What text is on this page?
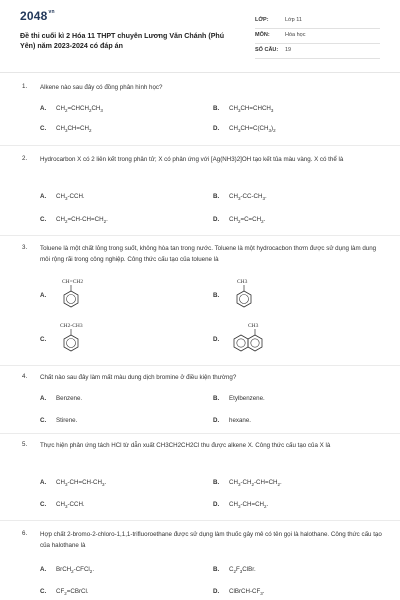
$2048^{vn}$
Đề thi cuối kì 2 Hóa 11 THPT chuyên Lương Văn Chánh (Phú Yên) năm 2023-2024 có đáp án
LỚP:	Lớp 11
MÔN:	Hóa học
SỐ CÂU: 19
1. Alkene nào sau đây có đồng phân hình học?
A. $CH_2=CHCH_2CH_3$	B. $CH_3CH=CHCH_3$
C. $CH_3CH=CH_2$	D. $CH_3CH=C(CH_3)_2$
2. Hydrocarbon X có 2 liên kết trong phân tử; X có phản ứng với [Ag(NH3)2]OH tạo kết tủa màu vàng. X có thể là
A. $CH_3$-CCH.	B. $CH_3-CC-CH_3$.
C. $CH_2=CH-CH=CH_2$.	D. $CH_2=C=CH_2$.
3. Toluene là một chất lỏng trong suốt, không hòa tan trong nước. Toluene là một hydrocacbon thơm được sử dụng làm dung môi rộng rãi trong công nghiệp. Công thức cấu tạo của toluene là
A.
CH=CH2
B.
CH3
C.
CH2-CH3
D.
CH3
4. Chất nào sau đây làm mất màu dung dịch bromine ở điều kiện thường?
A. Benzene.	B. Etylbenzene.
C. Stirene.	D. hexane.
5. Thực hiện phản ứng tách HCl từ dẫn xuất CH3CH2CH2Cl thu được alkene X. Công thức cấu tạo của X là
A. $CH_3-CH=CH-CH_3$.	B. $CH_3-CH_2-CH=CH_2$.
C. $CH_3$-CCH.	D. $CH_3-CH=CH_2$.
6. Hợp chất 2-bromo-2-chloro-1,1,1-trifluoroethane được sử dụng làm thuốc gây mê có tên gọi là halothane. Công thức cấu tạo của halothane là
A. BrCH$_2$-CFCl$_2$.	B. $C_2F_3ClBr$.
C. $CF_2=CBrCl$.	D. ClBrCH-$CF_3$.
